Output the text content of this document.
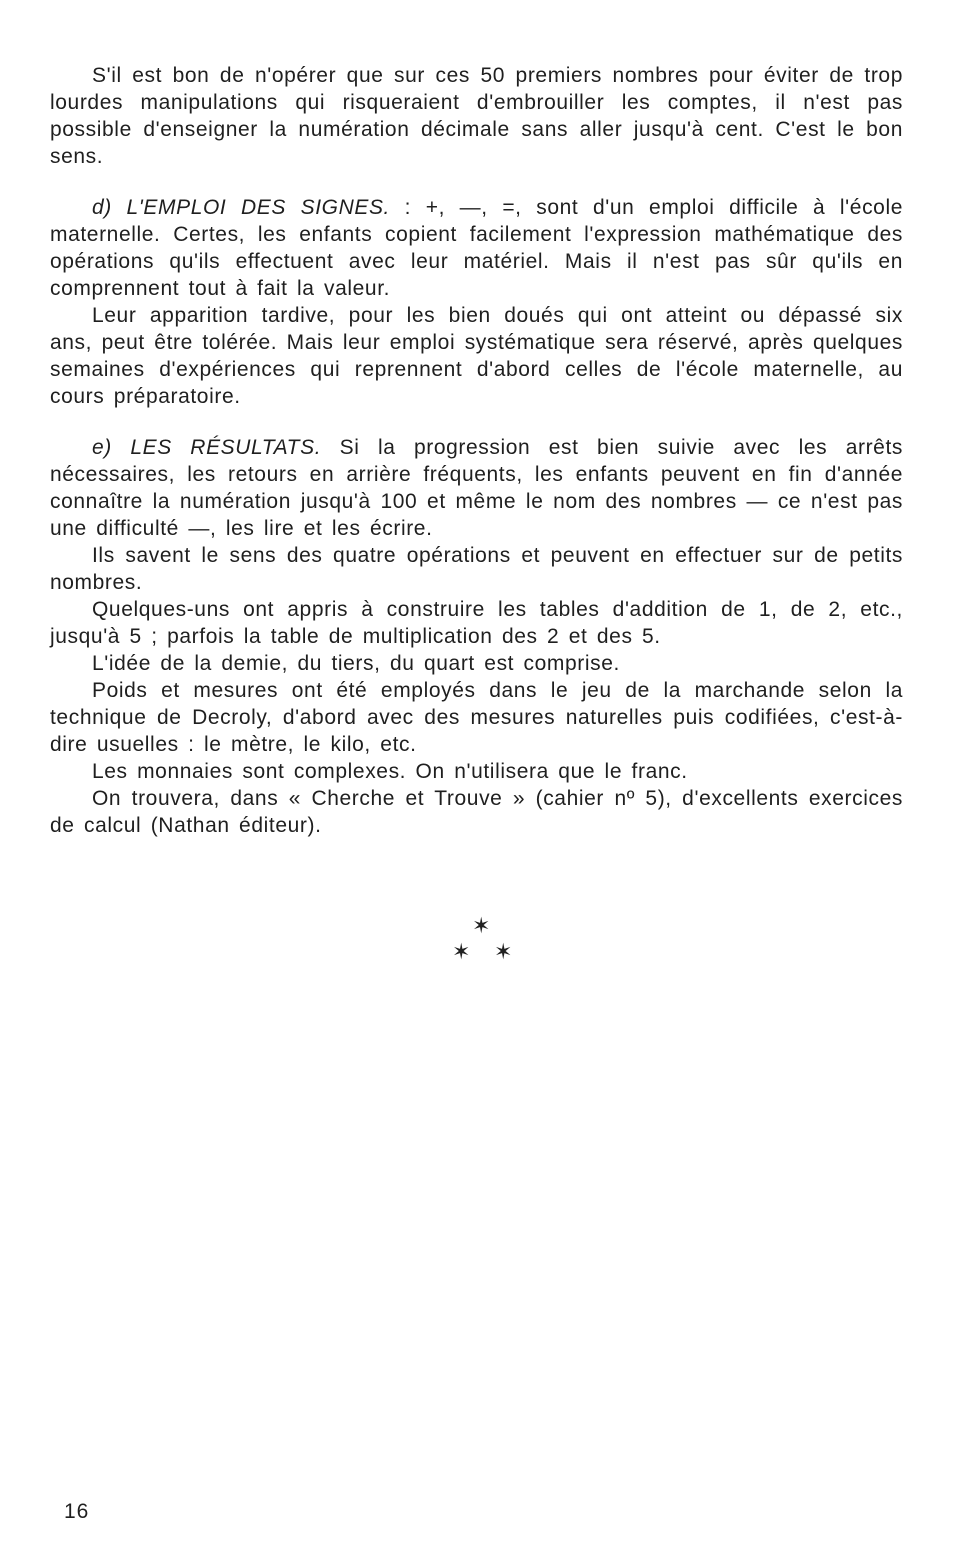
S'il est bon de n'opérer que sur ces 50 premiers nombres pour éviter de trop lourdes manipulations qui risqueraient d'embrouiller les comptes, il n'est pas possible d'enseigner la numération décimale sans aller jusqu'à cent. C'est le bon sens.

d) L'EMPLOI DES SIGNES. : +, —, =, sont d'un emploi difficile à l'école maternelle. Certes, les enfants copient facilement l'expression mathématique des opérations qu'ils effectuent avec leur matériel. Mais il n'est pas sûr qu'ils en comprennent tout à fait la valeur.

Leur apparition tardive, pour les bien doués qui ont atteint ou dépassé six ans, peut être tolérée. Mais leur emploi systématique sera réservé, après quelques semaines d'expériences qui reprennent d'abord celles de l'école maternelle, au cours préparatoire.

e) LES RÉSULTATS. Si la progression est bien suivie avec les arrêts nécessaires, les retours en arrière fréquents, les enfants peuvent en fin d'année connaître la numération jusqu'à 100 et même le nom des nombres — ce n'est pas une difficulté —, les lire et les écrire.

Ils savent le sens des quatre opérations et peuvent en effectuer sur de petits nombres.

Quelques-uns ont appris à construire les tables d'addition de 1, de 2, etc., jusqu'à 5 ; parfois la table de multiplication des 2 et des 5.

L'idée de la demie, du tiers, du quart est comprise.

Poids et mesures ont été employés dans le jeu de la marchande selon la technique de Decroly, d'abord avec des mesures naturelles puis codifiées, c'est-à-dire usuelles : le mètre, le kilo, etc.

Les monnaies sont complexes. On n'utilisera que le franc.

On trouvera, dans « Cherche et Trouve » (cahier nº 5), d'excellents exercices de calcul (Nathan éditeur).

✶
✶ ✶
16
